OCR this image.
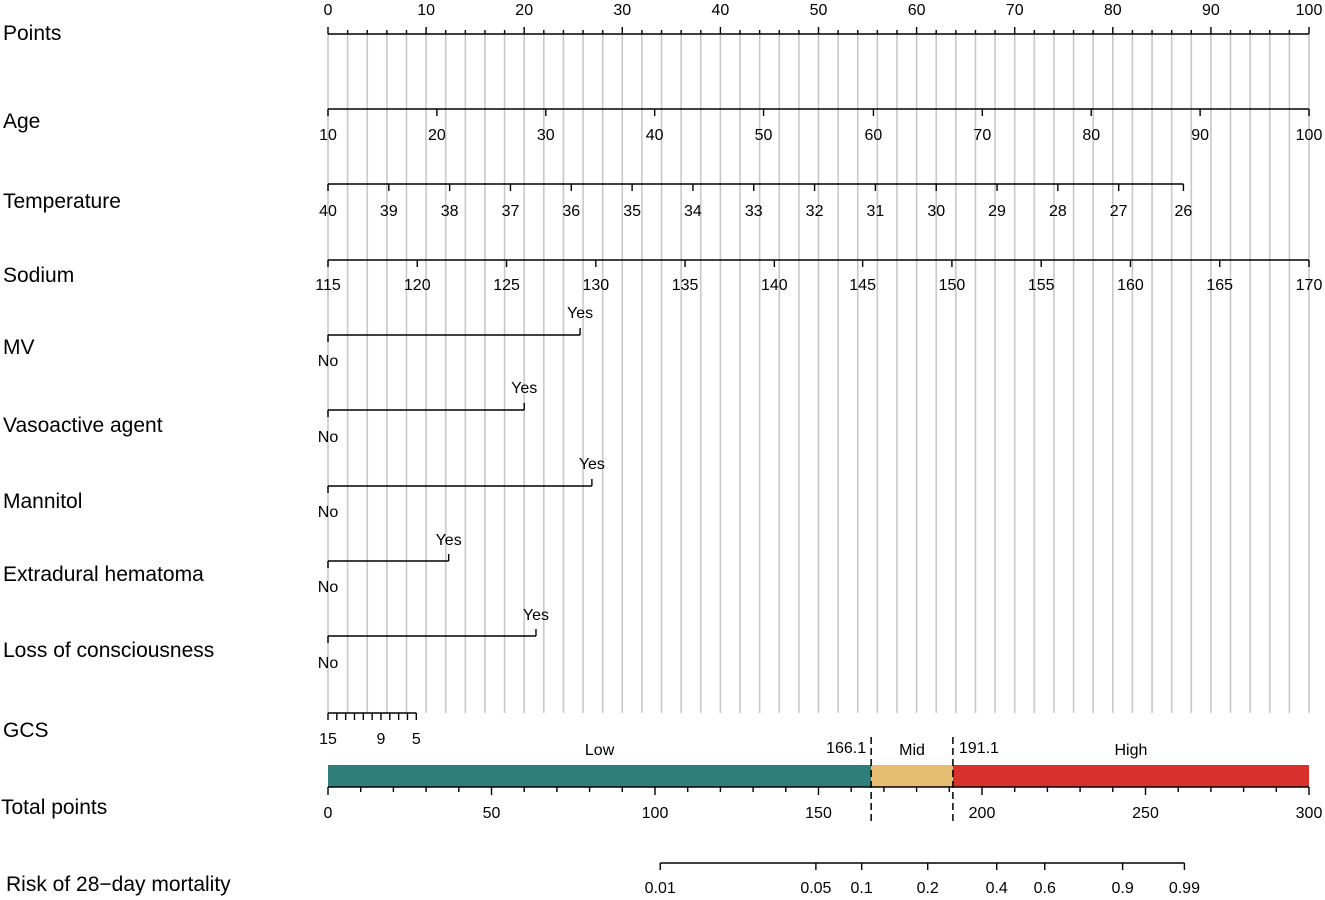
Points
0	10	20	30	40	50	60	70	80	90	100
Age
10	20	30	40	50	60	70	80	90	100
Temperature	40	39	38	37	36	35	34	33	32	31	30	29	28	27	26
Sodium	115	120	125	130	135	140	145	150	155	160	165	170
MV
No
Yes
Vasoactive agent
No
Yes
Mannitol	No
Yes
Extradural hematoma
No
Yes
Loss of consciousness
No
Yes
GCS	15 9 5
Low	Mid	High
166.1	191.1
Total points	0	50	100	150	200	250	300
Risk of 28−day mortality	0.01	0.05 0.1	0.2	0.4 0.6	0.9 0.99
